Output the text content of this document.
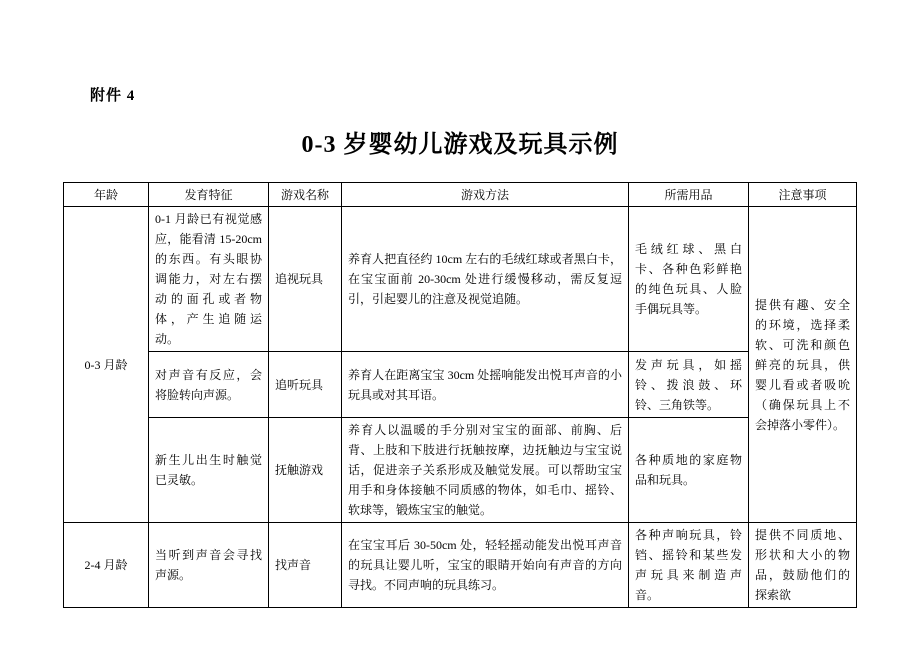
附件 4
0-3 岁婴幼儿游戏及玩具示例
年龄	发育特征	游戏名称	游戏方法	所需用品	注意事项
0-3 月龄	0-1 月龄已有视觉感应，能看清 15-20cm 的东西。有头眼协调能力，对左右摆动的面孔或者物体，产生追随运动。	追视玩具	养育人把直径约 10cm 左右的毛绒红球或者黑白卡，在宝宝面前 20-30cm 处进行缓慢移动，需反复逗引，引起婴儿的注意及视觉追随。	毛绒红球、黑白卡、各种色彩鲜艳的纯色玩具、人脸手偶玩具等。	提供有趣、安全的环境，选择柔软、可洗和颜色鲜亮的玩具，供婴儿看或者吸吮（确保玩具上不会掉落小零件）。
	对声音有反应，会将脸转向声源。	追听玩具	养育人在距离宝宝 30cm 处摇响能发出悦耳声音的小玩具或对其耳语。	发声玩具，如摇铃、拨浪鼓、环铃、三角铁等。	
	新生儿出生时触觉已灵敏。	抚触游戏	养育人以温暖的手分别对宝宝的面部、前胸、后背、上肢和下肢进行抚触按摩，边抚触边与宝宝说话，促进亲子关系形成及触觉发展。可以帮助宝宝用手和身体接触不同质感的物体，如毛巾、摇铃、软球等，锻炼宝宝的触觉。	各种质地的家庭物品和玩具。	
2-4 月龄	当听到声音会寻找声源。	找声音	在宝宝耳后 30-50cm 处，轻轻摇动能发出悦耳声音的玩具让婴儿听，宝宝的眼睛开始向有声音的方向寻找。不同声响的玩具练习。	各种声响玩具，铃铛、摇铃和某些发声玩具来制造声音。	提供不同质地、形状和大小的物品，鼓励他们的探索欲
